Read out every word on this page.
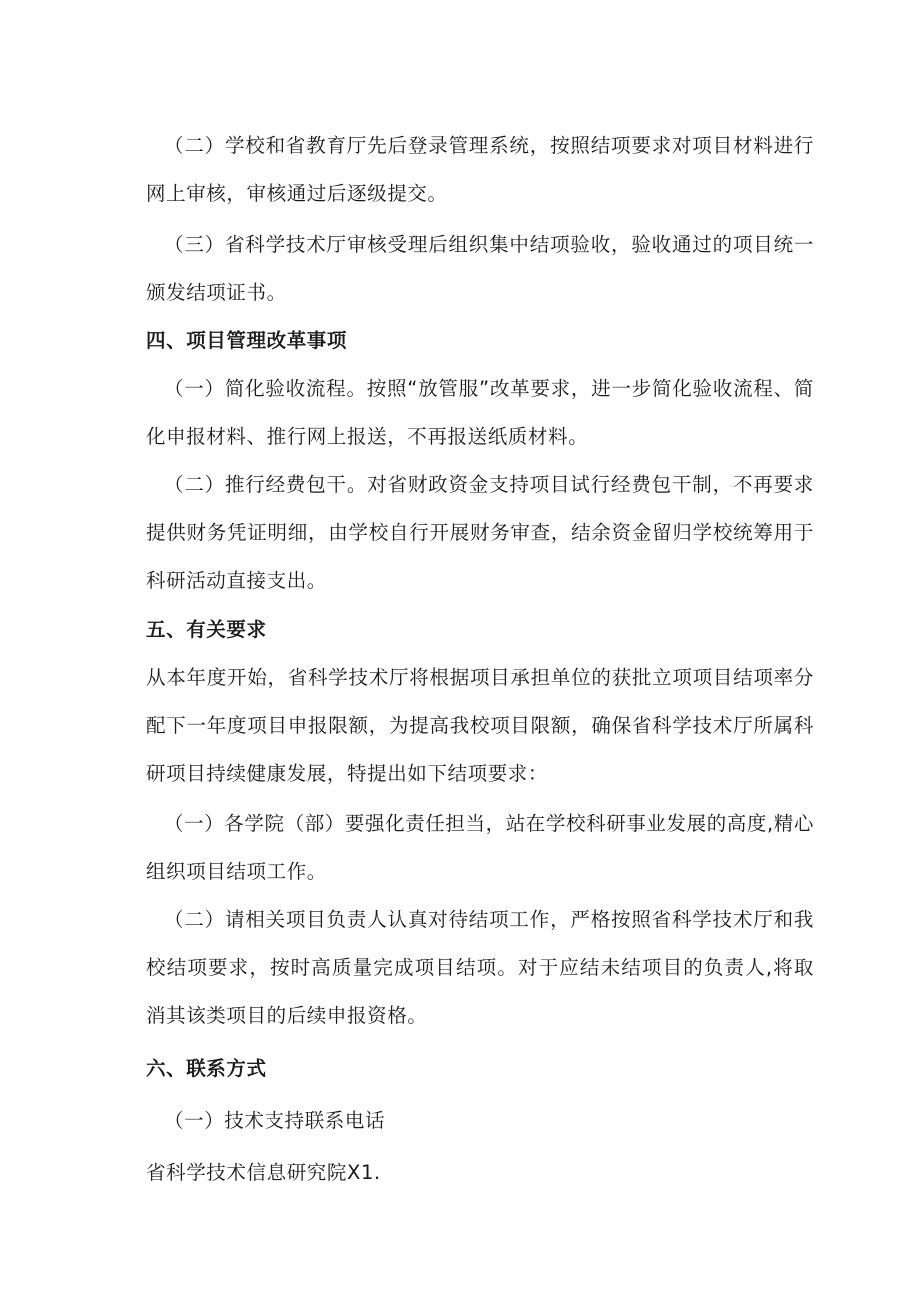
（二）学校和省教育厅先后登录管理系统，按照结项要求对项目材料进行网上审核，审核通过后逐级提交。

（三）省科学技术厅审核受理后组织集中结项验收，验收通过的项目统一颁发结项证书。

四、项目管理改革事项

（一）简化验收流程。按照“放管服”改革要求，进一步简化验收流程、简化申报材料、推行网上报送，不再报送纸质材料。

（二）推行经费包干。对省财政资金支持项目试行经费包干制，不再要求提供财务凭证明细，由学校自行开展财务审查，结余资金留归学校统筹用于科研活动直接支出。

五、有关要求

从本年度开始，省科学技术厅将根据项目承担单位的获批立项项目结项率分配下一年度项目申报限额，为提高我校项目限额，确保省科学技术厅所属科研项目持续健康发展，特提出如下结项要求：

（一）各学院（部）要强化责任担当，站在学校科研事业发展的高度,精心组织项目结项工作。

（二）请相关项目负责人认真对待结项工作，严格按照省科学技术厅和我校结项要求，按时高质量完成项目结项。对于应结未结项目的负责人,将取消其该类项目的后续申报资格。

六、联系方式

（一）技术支持联系电话

省科学技术信息研究院X1.
